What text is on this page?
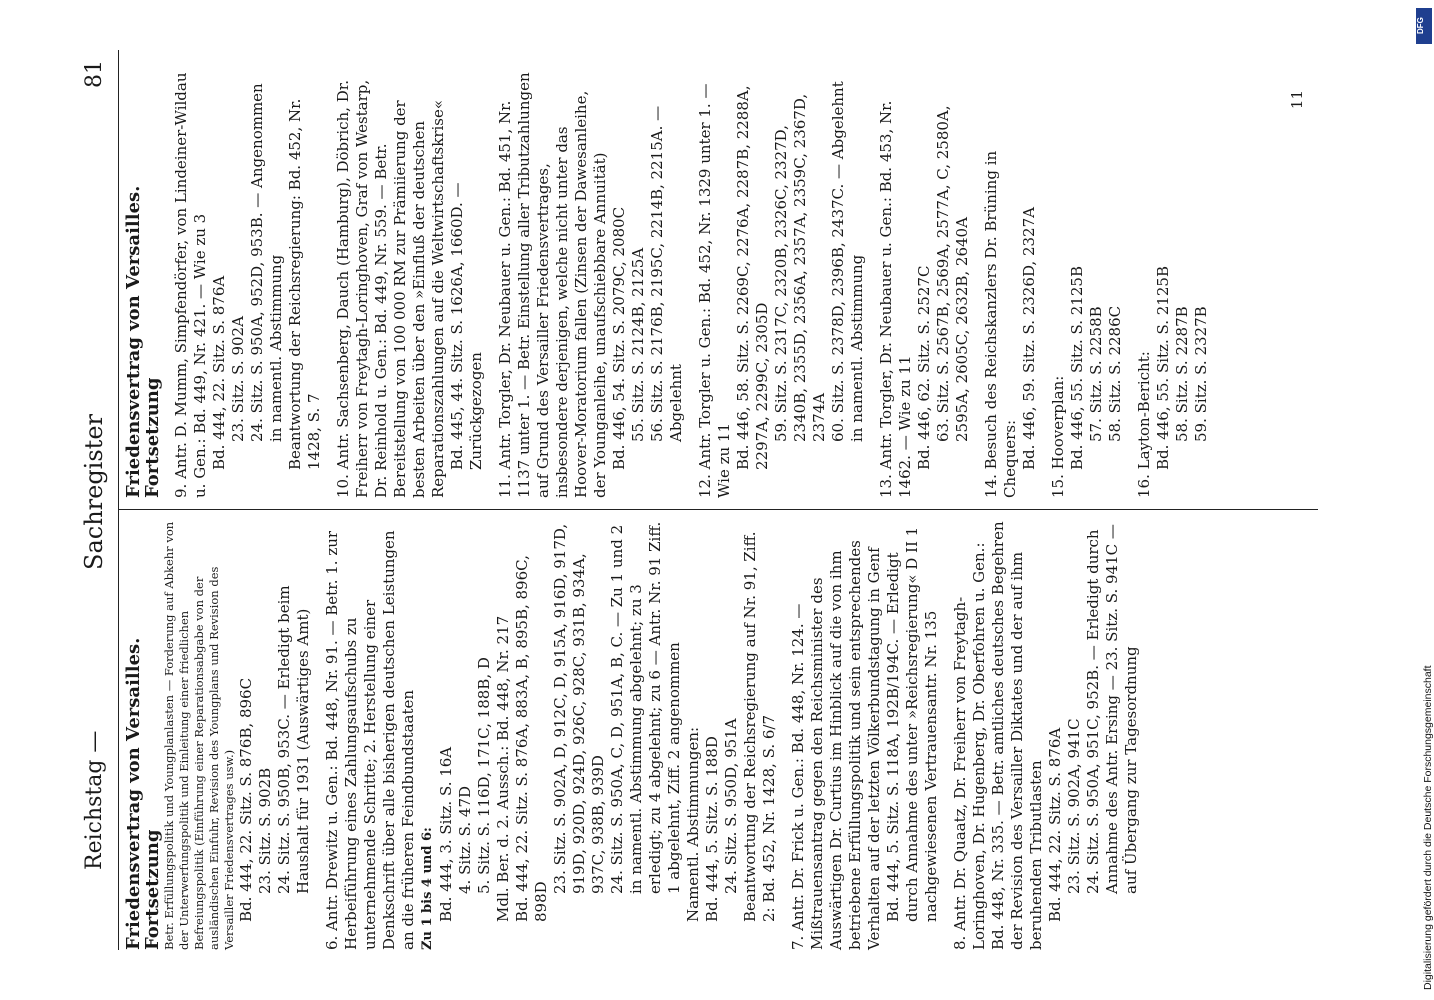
Reichstag —
Sachregister
81
Friedensvertrag von Versailles. Fortsetzung Betr. Erfüllungspolitik und Youngplanlasten — Forderung auf Abkehr von der Unterwerfungspolitik und Einleitung einer friedlichen Befreiungspolitik (Einführung einer Reparationsabgabe von der ausländischen Einfuhr, Revision des Youngplans und Revision des Versailler Friedensvertrages usw.) Bd. 444, 22. Sitz. S. 876B, 896C 23. Sitz. S. 902B 24. Sitz. S. 950B, 953C. — Erledigt beim Haushalt für 1931 (Auswärtiges Amt) 6. Antr. Drewitz u. Gen.: Bd. 448, Nr. 91. — Betr. 1. zur Herbeiführung eines Zahlungsaufschubs zu unternehmende Schritte; 2. Herstellung einer Denkschrift über alle bisherigen deutschen Leistungen an die früheren Feindbundstaaten Zu 1 bis 4 und 6: Bd. 444, 3. Sitz. S. 16A 4. Sitz. S. 47D 5. Sitz. S. 116D, 171C, 188B, D Mdl. Ber. d. 2. Aussch.: Bd. 448, Nr. 217 Bd. 444, 22. Sitz. S. 876A, 883A, B, 895B, 896C, 898D
23. Sitz. S. 902A, D, 912C, D, 915A, 916D, 917D, 919D, 920D, 924D, 926C, 928C, 931B, 934A, 937C, 938B, 939D 24. Sitz. S. 950A, C, D, 951A, B, C. — Zu 1 und 2 in namentl. Abstimmung abgelehnt; zu 3 erledigt; zu 4 abgelehnt; zu 6 — Antr. Nr. 91 Ziff. 1 abgelehnt, Ziff. 2 angenommen Namentl. Abstimmungen: Bd. 444, 5. Sitz. S. 188D 24. Sitz. S. 950D, 951A Beantwortung der Reichsregierung auf Nr. 91, Ziff. 2: Bd. 452, Nr. 1428, S. 6/7 7. Antr. Dr. Frick u. Gen.: Bd. 448, Nr. 124. — Mißtrauensantrag gegen den Reichsminister des Auswärtigen Dr. Curtius im Hinblick auf die von ihm betriebene Erfüllungspolitik und sein entsprechendes Verhalten auf der letzten Völkerbundstagung in Genf Bd. 444, 5. Sitz. S. 118A, 192B/194C. — Erledigt durch Annahme des unter »Reichsregierung« D II 1 nachgewiesenen Vertrauensantr. Nr. 135 8. Antr. Dr. Quaatz, Dr. Freiherr von Freytagh-Loringhoven, Dr. Hugenberg, Dr. Oberfohren u. Gen.: Bd. 448, Nr. 335. — Betr. amtliches deutsches Begehren der Revision des Versailler Diktates und der auf ihm beruhenden Tributlasten Bd. 444, 22. Sitz. S. 876A 23. Sitz. S. 902A, 941C 24. Sitz. S. 950A, 951C, 952B. — Erledigt durch Annahme des Antr. Ersing — 23. Sitz. S. 941C — auf Übergang zur Tagesordnung
Friedensvertrag von Versailles. Fortsetzung 9. Antr. D. Mumm, Simpfendörfer, von Lindeiner-Wildau u. Gen.: Bd. 449, Nr. 421. — Wie zu 3 Bd. 444, 22. Sitz. S. 876A 23. Sitz. S. 902A 24. Sitz. S. 950A, 952D, 953B. — Angenommen in namentl. Abstimmung Beantwortung der Reichsregierung: Bd. 452, Nr. 1428, S. 7 10. Antr. Sachsenberg, Dauch (Hamburg), Döbrich, Dr. Freiherr von Freytagh-Loringhoven, Graf von Westarp, Dr. Reinhold u. Gen.: Bd. 449, Nr. 559. — Betr. Bereitstellung von 100 000 RM zur Prämiierung der besten Arbeiten über den »Einfluß der deutschen Reparationszahlungen auf die Weltwirtschaftskrise« Bd. 445, 44. Sitz. S. 1626A, 1660D. — Zurückgezogen 11. Antr. Torgler, Dr. Neubauer u. Gen.: Bd. 451, Nr. 1137 unter 1. — Betr. Einstellung aller Tributzahlungen auf Grund des Versailler Friedensvertrages, insbesondere derjenigen, welche nicht unter das Hoover-Moratorium fallen (Zinsen der Dawesanleihe, der Younganleihe, unaufschiebbare Annuität) Bd. 446, 54. Sitz. S. 2079C, 2080C 55. Sitz. S. 2124B, 2125A 56. Sitz. S. 2176B, 2195C, 2214B, 2215A. — Abgelehnt 12. Antr. Torgler u. Gen.: Bd. 452, Nr. 1329 unter 1. — Wie zu 11 Bd. 446, 58. Sitz. S. 2269C, 2276A, 2287B, 2288A, 2297A, 2299C, 2305D 59. Sitz. S. 2317C, 2320B, 2326C, 2327D, 2340B, 2355D, 2356A, 2357A, 2359C, 2367D, 2374A 60. Sitz. S. 2378D, 2396B, 2437C. — Abgelehnt in namentl. Abstimmung 13. Antr. Torgler, Dr. Neubauer u. Gen.: Bd. 453, Nr. 1462. — Wie zu 11 Bd. 446, 62. Sitz. S. 2527C 63. Sitz. S. 2567B, 2569A, 2577A, C, 2580A, 2595A, 2605C, 2632B, 2640A 14. Besuch des Reichskanzlers Dr. Brüning in Chequers: Bd. 446, 59. Sitz. S. 2326D, 2327A 15. Hooverplan: Bd. 446, 55. Sitz. S. 2125B 57. Sitz. S. 2258B 58. Sitz. S. 2286C 16. Layton-Bericht: Bd. 446, 55. Sitz. S. 2125B 58. Sitz. S. 2287B 59. Sitz. S. 2327B
11
DFG
Digitalisierung gefördert durch die Deutsche Forschungsgemeinschaft
